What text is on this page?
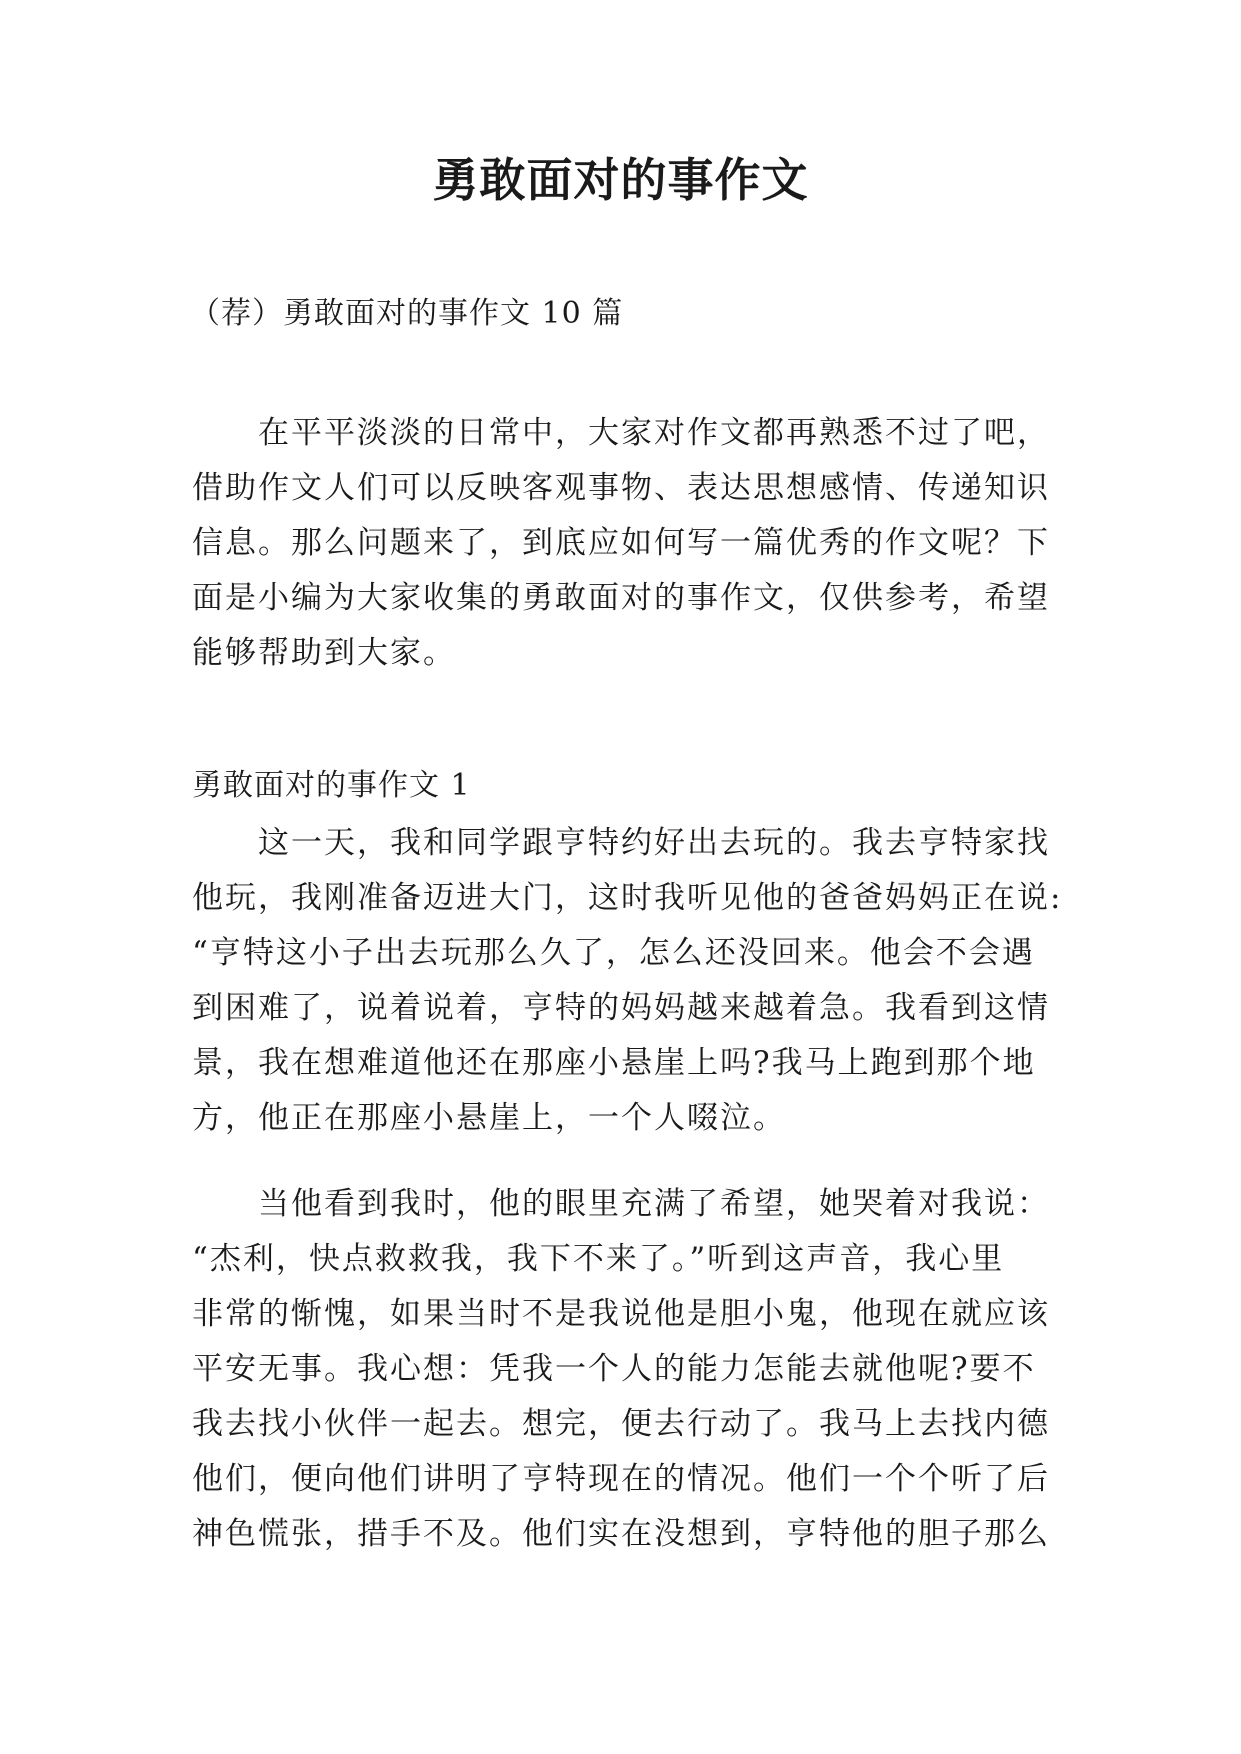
勇敢面对的事作文

（荐）勇敢面对的事作文 10 篇

　　在平平淡淡的日常中，大家对作文都再熟悉不过了吧，
借助作文人们可以反映客观事物、表达思想感情、传递知识
信息。那么问题来了，到底应如何写一篇优秀的作文呢？下
面是小编为大家收集的勇敢面对的事作文，仅供参考，希望
能够帮助到大家。

勇敢面对的事作文 1

　　这一天，我和同学跟亨特约好出去玩的。我去亨特家找
他玩，我刚准备迈进大门，这时我听见他的爸爸妈妈正在说:
“亨特这小子出去玩那么久了，怎么还没回来。他会不会遇
到困难了，说着说着，亨特的妈妈越来越着急。我看到这情
景，我在想难道他还在那座小悬崖上吗?我马上跑到那个地
方，他正在那座小悬崖上，一个人啜泣。

　　当他看到我时，他的眼里充满了希望，她哭着对我说：
“杰利，快点救救我，我下不来了。”听到这声音，我心里
非常的惭愧，如果当时不是我说他是胆小鬼，他现在就应该
平安无事。我心想：凭我一个人的能力怎能去就他呢?要不
我去找小伙伴一起去。想完，便去行动了。我马上去找内德
他们，便向他们讲明了亨特现在的情况。他们一个个听了后
神色慌张，措手不及。他们实在没想到，亨特他的胆子那么
